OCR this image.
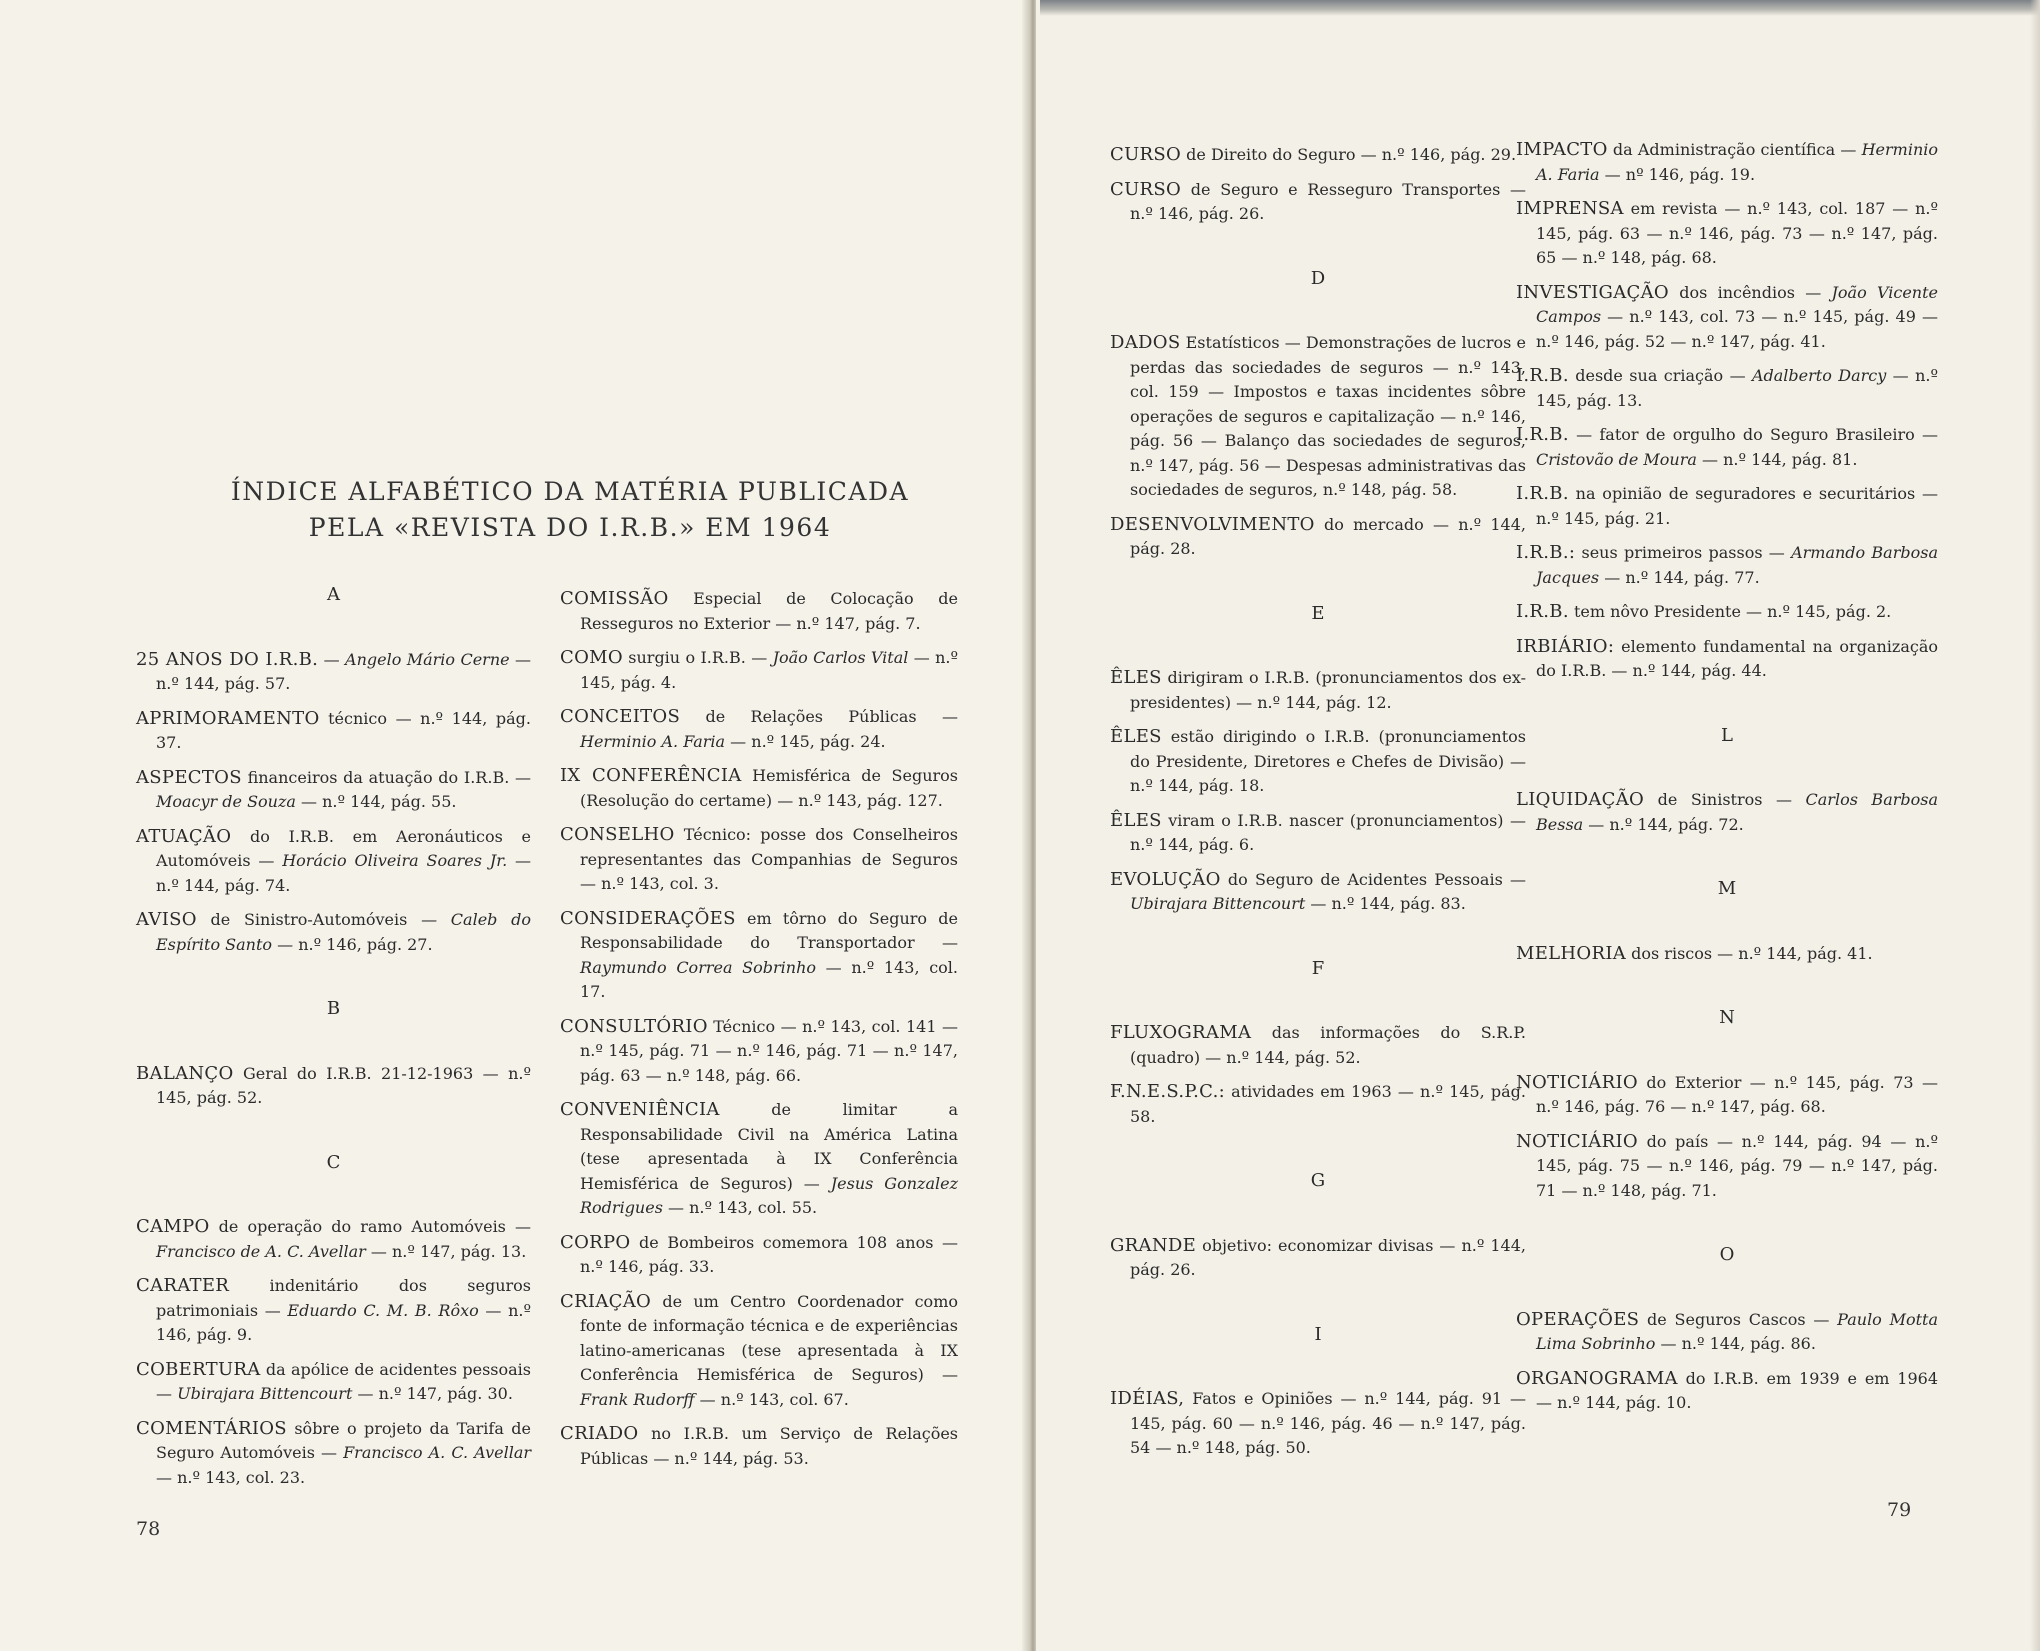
ÍNDICE ALFABÉTICO DA MATÉRIA PUBLICADA
PELA «REVISTA DO I.R.B.» EM 1964
A

25 ANOS DO I.R.B. — Angelo Mário Cerne — n.º 144, pág. 57.

APRIMORAMENTO técnico — n.º 144, pág. 37.

ASPECTOS financeiros da atuação do I.R.B. — Moacyr de Souza — n.º 144, pág. 55.

ATUAÇÃO do I.R.B. em Aeronáuticos e Automóveis — Horácio Oliveira Soares Jr. — n.º 144, pág. 74.

AVISO de Sinistro-Automóveis — Caleb do Espírito Santo — n.º 146, pág. 27.

B

BALANÇO Geral do I.R.B. 21-12-1963 — n.º 145, pág. 52.

C

CAMPO de operação do ramo Automóveis — Francisco de A. C. Avellar — n.º 147, pág. 13.

CARATER indenitário dos seguros patrimoniais — Eduardo C. M. B. Rôxo — n.º 146, pág. 9.

COBERTURA da apólice de acidentes pessoais — Ubirajara Bittencourt — n.º 147, pág. 30.

COMENTÁRIOS sôbre o projeto da Tarifa de Seguro Automóveis — Francisco A. C. Avellar — n.º 143, col. 23.

COMISSÃO Especial de Colocação de Resseguros no Exterior — n.º 147, pág. 7.

COMO surgiu o I.R.B. — João Carlos Vital — n.º 145, pág. 4.

CONCEITOS de Relações Públicas — Herminio A. Faria — n.º 145, pág. 24.

IX CONFERÊNCIA Hemisférica de Seguros (Resolução do certame) — n.º 143, pág. 127.

CONSELHO Técnico: posse dos Conselheiros representantes das Companhias de Seguros — n.º 143, col. 3.

CONSIDERAÇÕES em tôrno do Seguro de Responsabilidade do Transportador — Raymundo Correa Sobrinho — n.º 143, col. 17.

CONSULTÓRIO Técnico — n.º 143, col. 141 — n.º 145, pág. 71 — n.º 146, pág. 71 — n.º 147, pág. 63 — n.º 148, pág. 66.

CONVENIÊNCIA de limitar a Responsabilidade Civil na América Latina (tese apresentada à IX Conferência Hemisférica de Seguros) — Jesus Gonzalez Rodrigues — n.º 143, col. 55.

CORPO de Bombeiros comemora 108 anos — n.º 146, pág. 33.

CRIAÇÃO de um Centro Coordenador como fonte de informação técnica e de experiências latino-americanas (tese apresentada à IX Conferência Hemisférica de Seguros) — Frank Rudorff — n.º 143, col. 67.

CRIADO no I.R.B. um Serviço de Relações Públicas — n.º 144, pág. 53.

78

CURSO de Direito do Seguro — n.º 146, pág. 29.

CURSO de Seguro e Resseguro Transportes — n.º 146, pág. 26.

D

DADOS Estatísticos — Demonstrações de lucros e perdas das sociedades de seguros — n.º 143, col. 159 — Impostos e taxas incidentes sôbre operações de seguros e capitalização — n.º 146, pág. 56 — Balanço das sociedades de seguros, n.º 147, pág. 56 — Despesas administrativas das sociedades de seguros, n.º 148, pág. 58.

DESENVOLVIMENTO do mercado — n.º 144, pág. 28.

E

ÊLES dirigiram o I.R.B. (pronunciamentos dos ex-presidentes) — n.º 144, pág. 12.

ÊLES estão dirigindo o I.R.B. (pronunciamentos do Presidente, Diretores e Chefes de Divisão) — n.º 144, pág. 18.

ÊLES viram o I.R.B. nascer (pronunciamentos) — n.º 144, pág. 6.

EVOLUÇÃO do Seguro de Acidentes Pessoais — Ubirajara Bittencourt — n.º 144, pág. 83.

F

FLUXOGRAMA das informações do S.R.P. (quadro) — n.º 144, pág. 52.

F.N.E.S.P.C.: atividades em 1963 — n.º 145, pág. 58.

G

GRANDE objetivo: economizar divisas — n.º 144, pág. 26.

I

IDÉIAS, Fatos e Opiniões — n.º 144, pág. 91 — 145, pág. 60 — n.º 146, pág. 46 — n.º 147, pág. 54 — n.º 148, pág. 50.

IMPACTO da Administração científica — Herminio A. Faria — nº 146, pág. 19.

IMPRENSA em revista — n.º 143, col. 187 — n.º 145, pág. 63 — n.º 146, pág. 73 — n.º 147, pág. 65 — n.º 148, pág. 68.

INVESTIGAÇÃO dos incêndios — João Vicente Campos — n.º 143, col. 73 — n.º 145, pág. 49 — n.º 146, pág. 52 — n.º 147, pág. 41.

I.R.B. desde sua criação — Adalberto Darcy — n.º 145, pág. 13.

I.R.B. — fator de orgulho do Seguro Brasileiro — Cristovão de Moura — n.º 144, pág. 81.

I.R.B. na opinião de seguradores e securitários — n.º 145, pág. 21.

I.R.B.: seus primeiros passos — Armando Barbosa Jacques — n.º 144, pág. 77.

I.R.B. tem nôvo Presidente — n.º 145, pág. 2.

IRBIÁRIO: elemento fundamental na organização do I.R.B. — n.º 144, pág. 44.

L

LIQUIDAÇÃO de Sinistros — Carlos Barbosa Bessa — n.º 144, pág. 72.

M

MELHORIA dos riscos — n.º 144, pág. 41.

N

NOTICIÁRIO do Exterior — n.º 145, pág. 73 — n.º 146, pág. 76 — n.º 147, pág. 68.

NOTICIÁRIO do país — n.º 144, pág. 94 — n.º 145, pág. 75 — n.º 146, pág. 79 — n.º 147, pág. 71 — n.º 148, pág. 71.

O

OPERAÇÕES de Seguros Cascos — Paulo Motta Lima Sobrinho — n.º 144, pág. 86.

ORGANOGRAMA do I.R.B. em 1939 e em 1964 — n.º 144, pág. 10.

79
